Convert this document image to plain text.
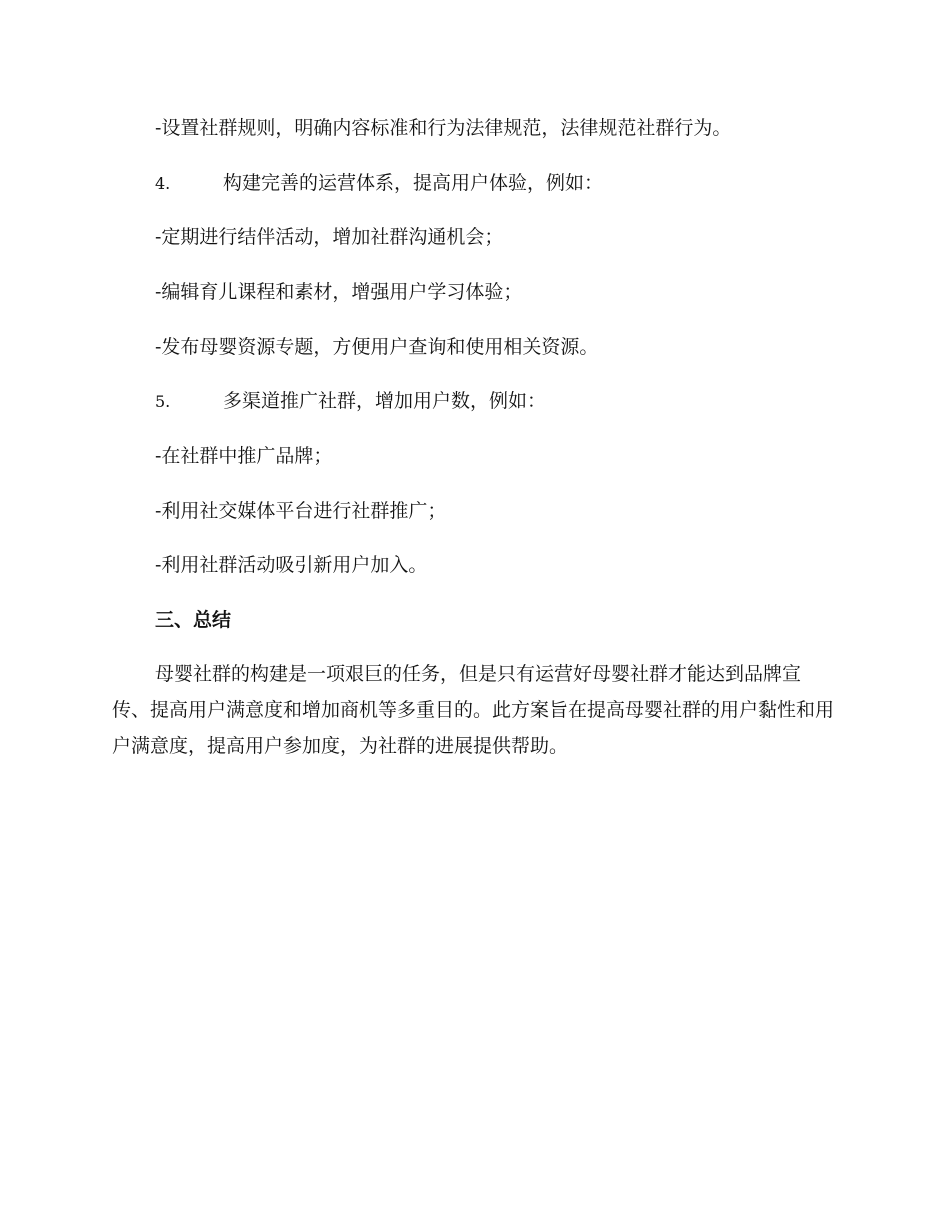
-设置社群规则，明确内容标准和行为法律规范，法律规范社群行为。
4.	构建完善的运营体系，提高用户体验，例如：
-定期进行结伴活动，增加社群沟通机会；
-编辑育儿课程和素材，增强用户学习体验；
-发布母婴资源专题，方便用户查询和使用相关资源。
5.	多渠道推广社群，增加用户数，例如：
-在社群中推广品牌；
-利用社交媒体平台进行社群推广；
-利用社群活动吸引新用户加入。
三、总结
母婴社群的构建是一项艰巨的任务，但是只有运营好母婴社群才能达到品牌宣传、提高用户满意度和增加商机等多重目的。此方案旨在提高母婴社群的用户黏性和用户满意度，提高用户参加度，为社群的进展提供帮助。
